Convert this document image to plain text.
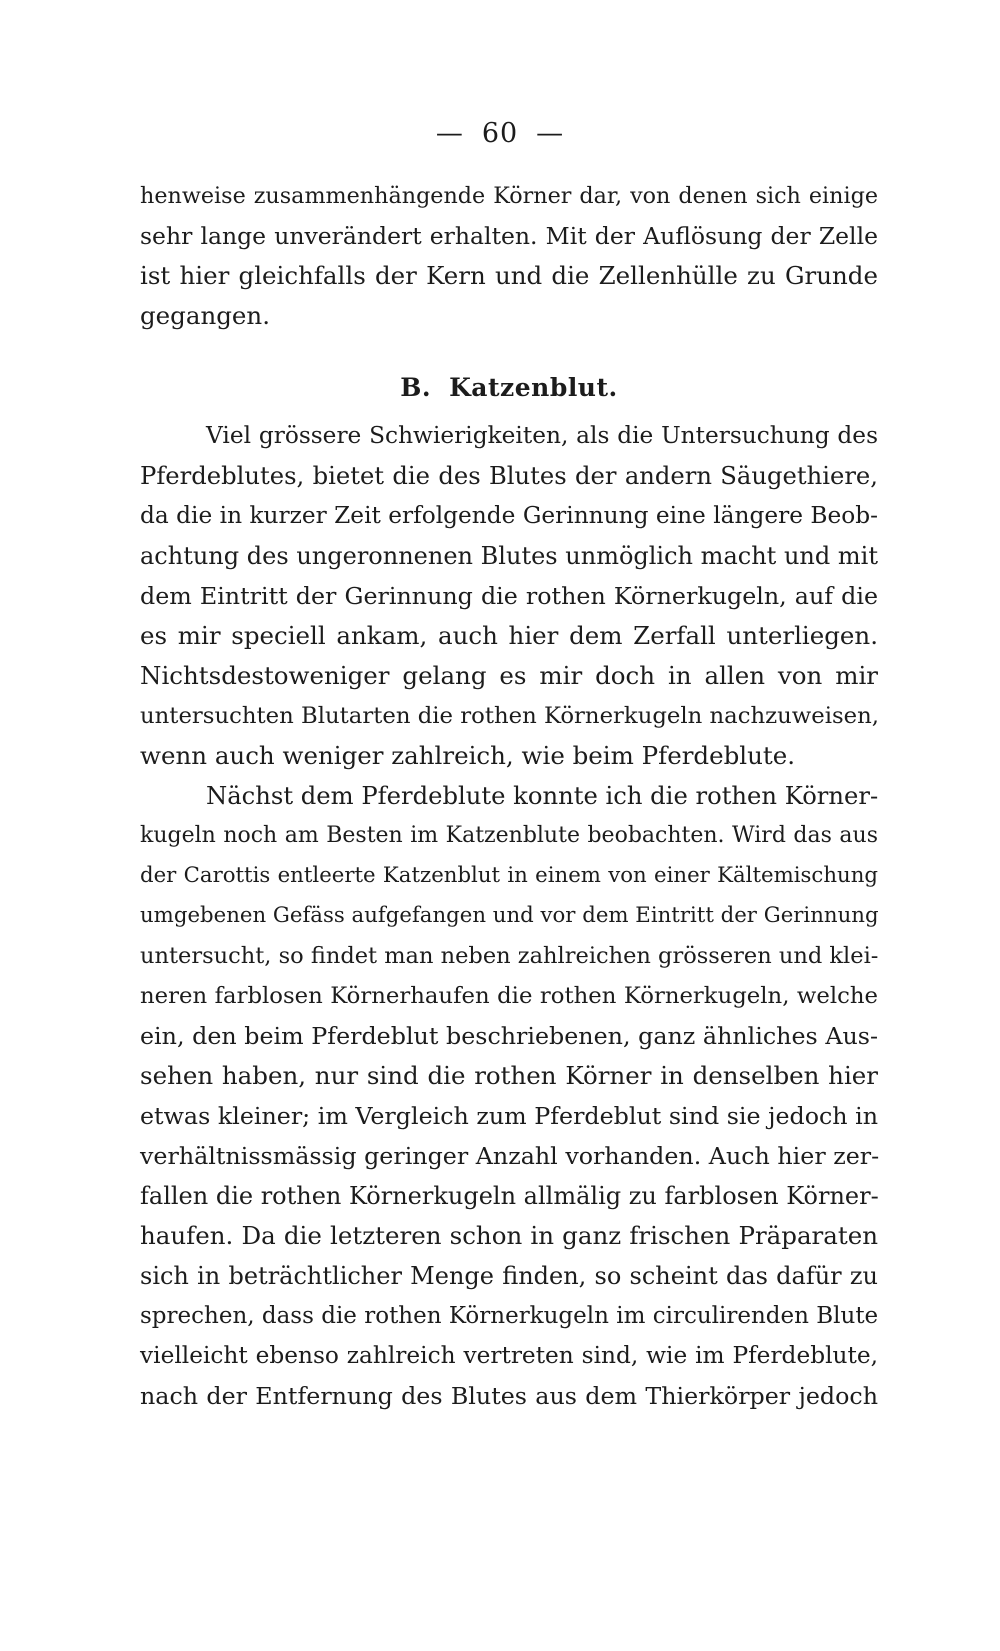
— 60 —
henweise zusammenhängende Körner dar, von denen sich einige
sehr lange unverändert erhalten. Mit der Auflösung der Zelle
ist hier gleichfalls der Kern und die Zellenhülle zu Grunde
gegangen.
B. Katzenblut.
Viel grössere Schwierigkeiten, als die Untersuchung des
Pferdeblutes, bietet die des Blutes der andern Säugethiere,
da die in kurzer Zeit erfolgende Gerinnung eine längere Beob-
achtung des ungeronnenen Blutes unmöglich macht und mit
dem Eintritt der Gerinnung die rothen Körnerkugeln, auf die
es mir speciell ankam, auch hier dem Zerfall unterliegen.
Nichtsdestoweniger gelang es mir doch in allen von mir
untersuchten Blutarten die rothen Körnerkugeln nachzuweisen,
wenn auch weniger zahlreich, wie beim Pferdeblute.
Nächst dem Pferdeblute konnte ich die rothen Körner-
kugeln noch am Besten im Katzenblute beobachten. Wird das aus
der Carottis entleerte Katzenblut in einem von einer Kältemischung
umgebenen Gefäss aufgefangen und vor dem Eintritt der Gerinnung
untersucht, so findet man neben zahlreichen grösseren und klei-
neren farblosen Körnerhaufen die rothen Körnerkugeln, welche
ein, den beim Pferdeblut beschriebenen, ganz ähnliches Aus-
sehen haben, nur sind die rothen Körner in denselben hier
etwas kleiner; im Vergleich zum Pferdeblut sind sie jedoch in
verhältnissmässig geringer Anzahl vorhanden. Auch hier zer-
fallen die rothen Körnerkugeln allmälig zu farblosen Körner-
haufen. Da die letzteren schon in ganz frischen Präparaten
sich in beträchtlicher Menge finden, so scheint das dafür zu
sprechen, dass die rothen Körnerkugeln im circulirenden Blute
vielleicht ebenso zahlreich vertreten sind, wie im Pferdeblute,
nach der Entfernung des Blutes aus dem Thierkörper jedoch
